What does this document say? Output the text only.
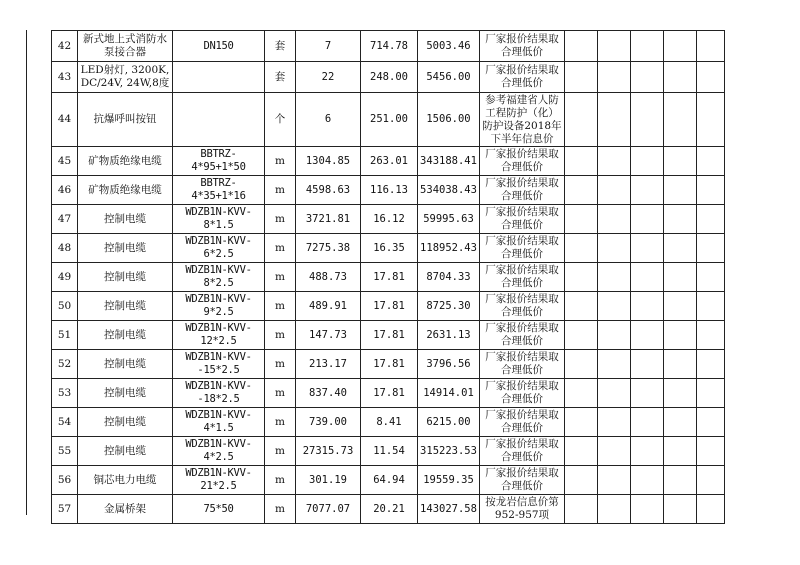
42	新式地上式消防水泵接合器	DN150	套	7	714.78	5003.46	厂家报价结果取合理低价					
43	LED射灯, 3200K, DC/24V, 24W,8度		套	22	248.00	5456.00	厂家报价结果取合理低价					
44	抗爆呼叫按钮		个	6	251.00	1506.00	参考福建省人防工程防护（化）防护设备2018年下半年信息价					
45	矿物质绝缘电缆	BBTRZ-4*95+1*50	m	1304.85	263.01	343188.41	厂家报价结果取合理低价					
46	矿物质绝缘电缆	BBTRZ-4*35+1*16	m	4598.63	116.13	534038.43	厂家报价结果取合理低价					
47	控制电缆	WDZB1N-KVV-8*1.5	m	3721.81	16.12	59995.63	厂家报价结果取合理低价					
48	控制电缆	WDZB1N-KVV-6*2.5	m	7275.38	16.35	118952.43	厂家报价结果取合理低价					
49	控制电缆	WDZB1N-KVV-8*2.5	m	488.73	17.81	8704.33	厂家报价结果取合理低价					
50	控制电缆	WDZB1N-KVV-9*2.5	m	489.91	17.81	8725.30	厂家报价结果取合理低价					
51	控制电缆	WDZB1N-KVV-12*2.5	m	147.73	17.81	2631.13	厂家报价结果取合理低价					
52	控制电缆	WDZB1N-KVV--15*2.5	m	213.17	17.81	3796.56	厂家报价结果取合理低价					
53	控制电缆	WDZB1N-KVV--18*2.5	m	837.40	17.81	14914.01	厂家报价结果取合理低价					
54	控制电缆	WDZB1N-KVV-4*1.5	m	739.00	8.41	6215.00	厂家报价结果取合理低价					
55	控制电缆	WDZB1N-KVV-4*2.5	m	27315.73	11.54	315223.53	厂家报价结果取合理低价					
56	铜芯电力电缆	WDZB1N-KVV-21*2.5	m	301.19	64.94	19559.35	厂家报价结果取合理低价					
57	金属桥架	75*50	m	7077.07	20.21	143027.58	按龙岩信息价第952-957项					
